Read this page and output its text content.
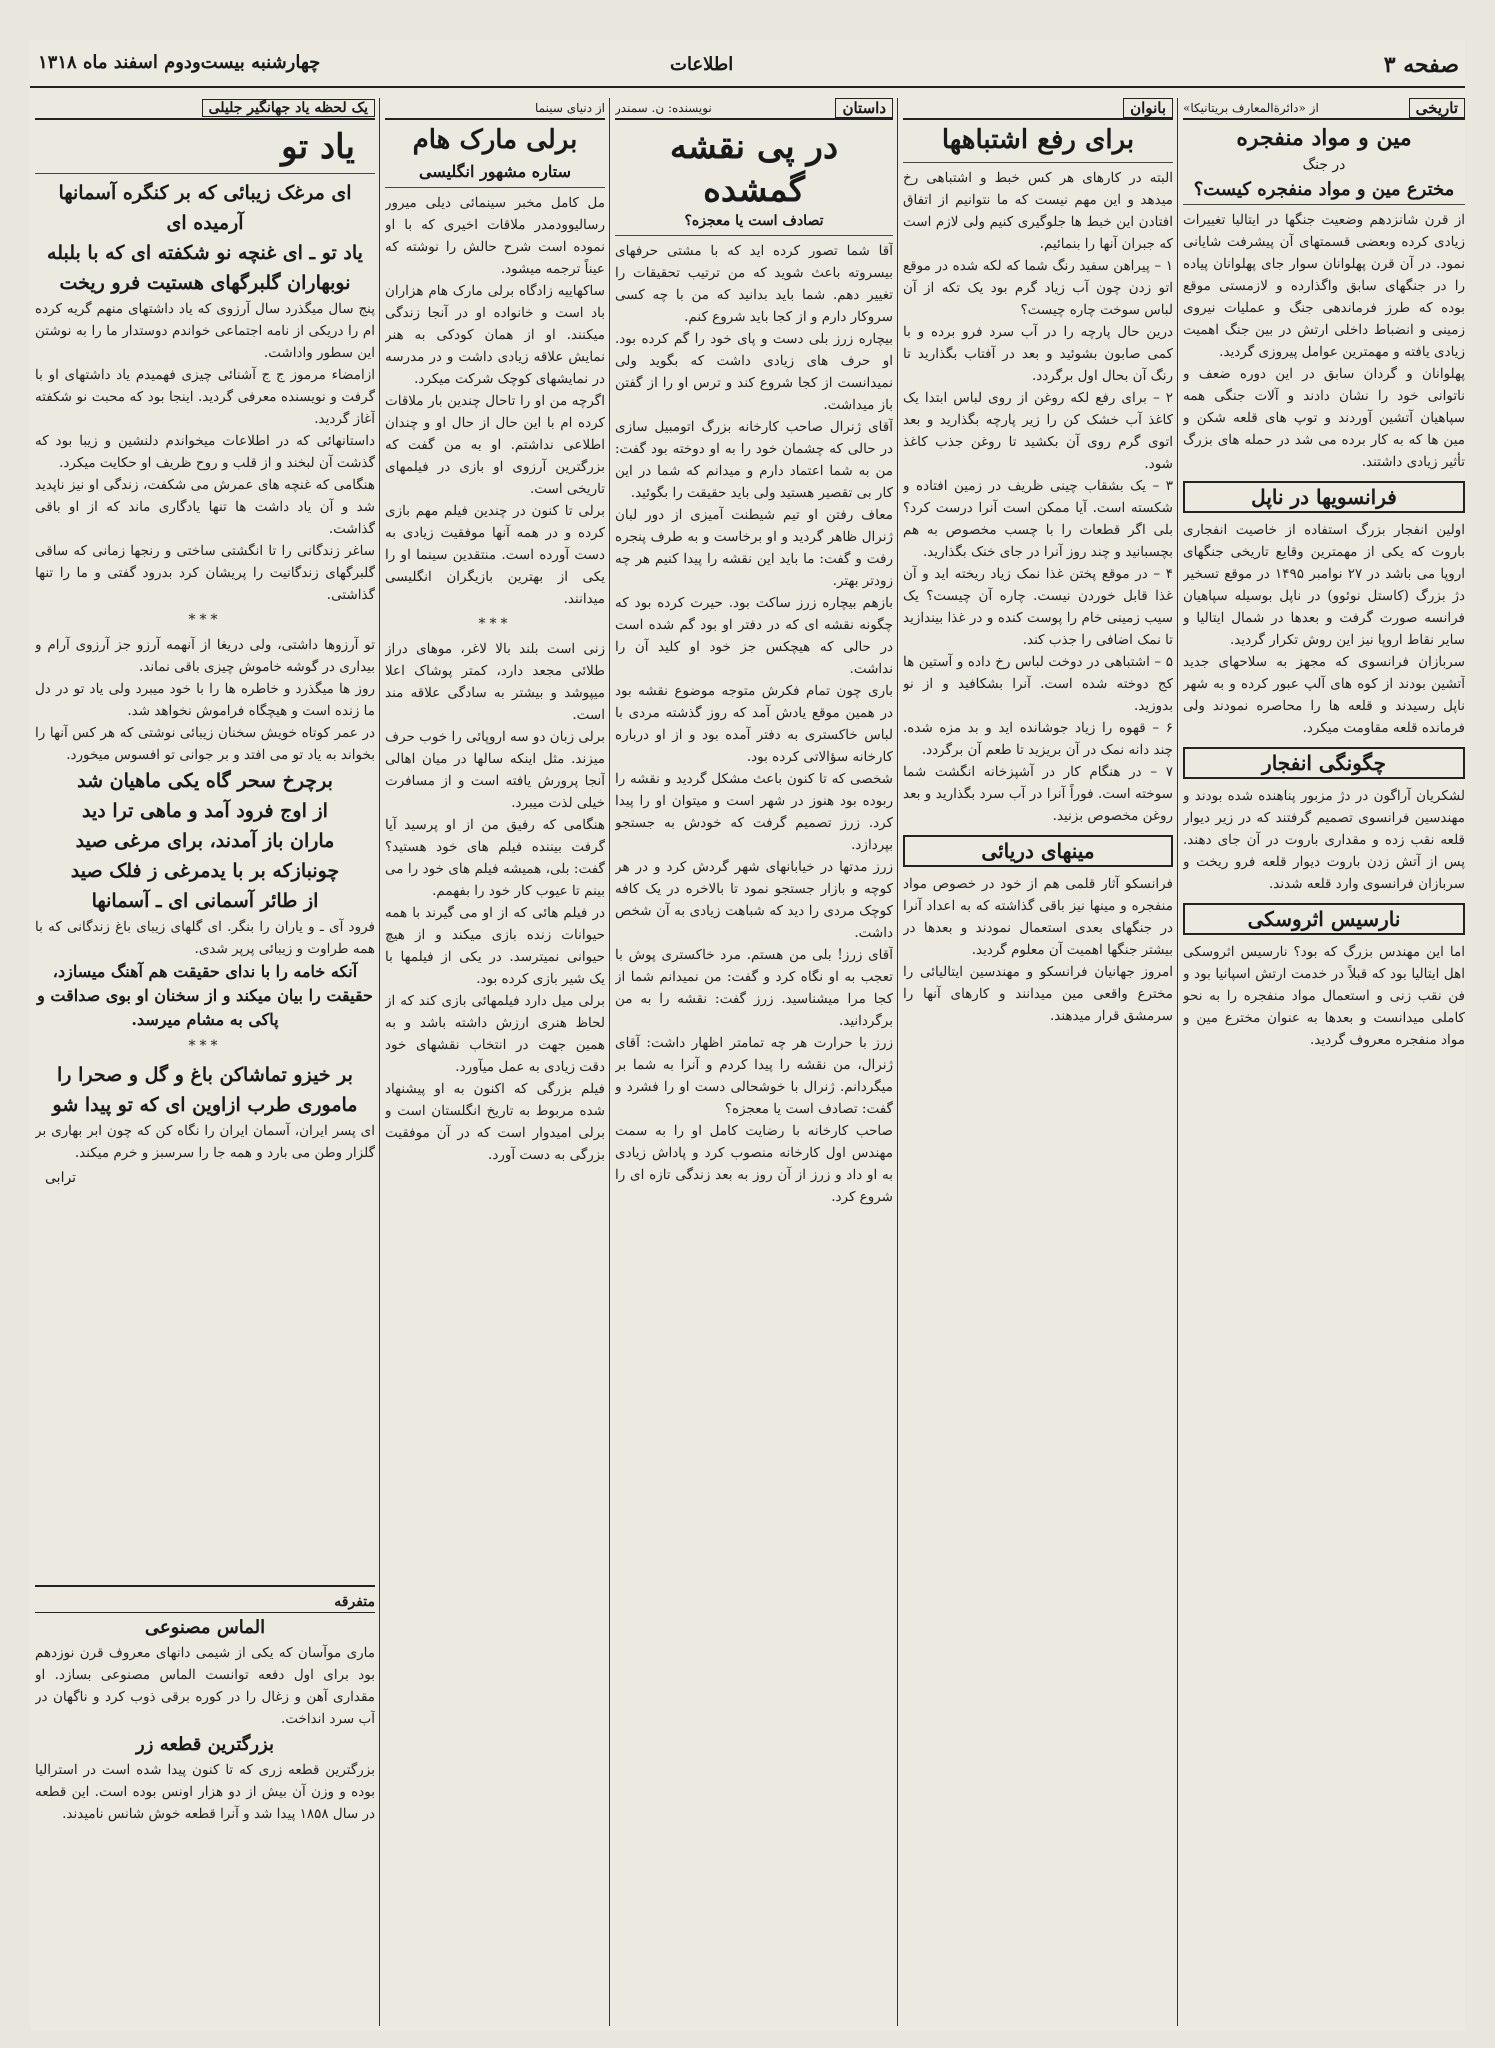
صفحه ۳
اطلاعات
چهارشنبه بیست‌ودوم اسفند ماه ۱۳۱۸
تاریخی
از «دائرةالمعارف بریتانیکا»
مین و مواد منفجره
در جنگ
مخترع مین و مواد منفجره کیست؟

از قرن شانزدهم وضعیت جنگها در ایتالیا تغییرات زیادی کرده وبعضی قسمتهای آن پیشرفت شایانی نمود. در آن قرن پهلوانان سوار جای پهلوانان پیاده را در جنگهای سابق واگذارده و لازمستی موقع بوده که طرز فرماندهی جنگ و عملیات نیروی زمینی و انضباط داخلی ارتش در بین جنگ اهمیت زیادی یافته و مهمترین عوامل پیروزی گردید.

پهلوانان و گردان سابق در این دوره ضعف و ناتوانی خود را نشان دادند و آلات جنگی همه سپاهیان آتشین آوردند و توپ های قلعه شکن و مین ها که به کار برده می شد در حمله های بزرگ تأثیر زیادی داشتند.

فرانسویها در ناپل

اولین انفجار بزرگ استفاده از خاصیت انفجاری باروت که یکی از مهمترین وقایع تاریخی جنگهای اروپا می باشد در ۲۷ نوامبر ۱۴۹۵ در موقع تسخیر دژ بزرگ (کاستل نوئوو) در ناپل بوسیله سپاهیان فرانسه صورت گرفت و بعدها در شمال ایتالیا و سایر نقاط اروپا نیز این روش تکرار گردید.

سربازان فرانسوی که مجهز به سلاحهای جدید آتشین بودند از کوه های آلپ عبور کرده و به شهر ناپل رسیدند و قلعه ها را محاصره نمودند ولی فرمانده قلعه مقاومت میکرد.

چگونگی انفجار

لشکریان آراگون در دژ مزبور پناهنده شده بودند و مهندسین فرانسوی تصمیم گرفتند که در زیر دیوار قلعه نقب زده و مقداری باروت در آن جای دهند. پس از آتش زدن باروت دیوار قلعه فرو ریخت و سربازان فرانسوی وارد قلعه شدند.

نارسیس اثروسکی

اما این مهندس بزرگ که بود؟ نارسیس اثروسکی اهل ایتالیا بود که قبلاً در خدمت ارتش اسپانیا بود و فن نقب زنی و استعمال مواد منفجره را به نحو کاملی میدانست و بعدها به عنوان مخترع مین و مواد منفجره معروف گردید.

بانوان
برای رفع اشتباهها

البته در کارهای هر کس خبط و اشتباهی رخ میدهد و این مهم نیست که ما نتوانیم از اتفاق افتادن این خبط ها جلوگیری کنیم ولی لازم است که جبران آنها را بنمائیم.

۱ – پیراهن سفید رنگ شما که لکه شده در موقع اتو زدن چون آب زیاد گرم بود یک تکه از آن لباس سوخت چاره چیست؟

درین حال پارچه را در آب سرد فرو برده و با کمی صابون بشوئید و بعد در آفتاب بگذارید تا رنگ آن بحال اول برگردد.

۲ – برای رفع لکه روغن از روی لباس ابتدا یک کاغذ آب خشک کن را زیر پارچه بگذارید و بعد اتوی گرم روی آن بکشید تا روغن جذب کاغذ شود.

۳ – یک بشقاب چینی ظریف در زمین افتاده و شکسته است. آیا ممکن است آنرا درست کرد؟ بلی اگر قطعات را با چسب مخصوص به هم بچسبانید و چند روز آنرا در جای خنک بگذارید.

۴ – در موقع پختن غذا نمک زیاد ریخته اید و آن غذا قابل خوردن نیست. چاره آن چیست؟ یک سیب زمینی خام را پوست کنده و در غذا بیندازید تا نمک اضافی را جذب کند.

۵ – اشتباهی در دوخت لباس رخ داده و آستین ها کج دوخته شده است. آنرا بشکافید و از نو بدوزید.

۶ – قهوه را زیاد جوشانده اید و بد مزه شده. چند دانه نمک در آن بریزید تا طعم آن برگردد.

۷ – در هنگام کار در آشپزخانه انگشت شما سوخته است. فوراً آنرا در آب سرد بگذارید و بعد روغن مخصوص بزنید.

مینهای دریائی

فرانسکو آثار قلمی هم از خود در خصوص مواد منفجره و مینها نیز باقی گذاشته که به اعداد آنرا در جنگهای بعدی استعمال نمودند و بعدها در بیشتر جنگها اهمیت آن معلوم گردید.

امروز جهانیان فرانسکو و مهندسین ایتالیائی را مخترع واقعی مین میدانند و کارهای آنها را سرمشق قرار میدهند.

داستان
نویسنده: ن. سمندر
در پی نقشه گمشده
تصادف است یا معجزه؟

آقا شما تصور کرده اید که با مشتی حرفهای بیسروته باعث شوید که من ترتیب تحقیقات را تغییر دهم. شما باید بدانید که من با چه کسی سروکار دارم و از کجا باید شروع کنم.

بیچاره زرز بلی دست و پای خود را گم کرده بود. او حرف های زیادی داشت که بگوید ولی نمیدانست از کجا شروع کند و ترس او را از گفتن باز میداشت.

آقای ژنرال صاحب کارخانه بزرگ اتومبیل سازی در حالی که چشمان خود را به او دوخته بود گفت: من به شما اعتماد دارم و میدانم که شما در این کار بی تقصیر هستید ولی باید حقیقت را بگوئید.

معاف رفتن او تیم شیطنت آمیزی از دور لبان ژنرال ظاهر گردید و او برخاست و به طرف پنجره رفت و گفت: ما باید این نقشه را پیدا کنیم هر چه زودتر بهتر.

بازهم بیچاره زرز ساکت بود. حیرت کرده بود که چگونه نقشه ای که در دفتر او بود گم شده است در حالی که هیچکس جز خود او کلید آن را نداشت.

باری چون تمام فکرش متوجه موضوع نقشه بود در همین موقع یادش آمد که روز گذشته مردی با لباس خاکستری به دفتر آمده بود و از او درباره کارخانه سؤالاتی کرده بود.

شخصی که تا کنون باعث مشکل گردید و نقشه را ربوده بود هنوز در شهر است و میتوان او را پیدا کرد. زرز تصمیم گرفت که خودش به جستجو بپردازد.

زرز مدتها در خیابانهای شهر گردش کرد و در هر کوچه و بازار جستجو نمود تا بالاخره در یک کافه کوچک مردی را دید که شباهت زیادی به آن شخص داشت.

آقای زرز! بلی من هستم. مرد خاکستری پوش با تعجب به او نگاه کرد و گفت: من نمیدانم شما از کجا مرا میشناسید. زرز گفت: نقشه را به من برگردانید.

زرز با حرارت هر چه تمامتر اظهار داشت: آقای ژنرال، من نقشه را پیدا کردم و آنرا به شما بر میگردانم. ژنرال با خوشحالی دست او را فشرد و گفت: تصادف است یا معجزه؟

صاحب کارخانه با رضایت کامل او را به سمت مهندس اول کارخانه منصوب کرد و پاداش زیادی به او داد و زرز از آن روز به بعد زندگی تازه ای را شروع کرد.

از دنیای سینما
برلی مارک هام
ستاره مشهور انگلیسی

مل کامل مخبر سینمائی دیلی میرور رسالیوودمدر ملاقات اخیری که با او نموده است شرح حالش را نوشته که عیناً ترجمه میشود.

ساکهاییه زادگاه برلی مارک هام هزاران باد است و خانواده او در آنجا زندگی میکنند. او از همان کودکی به هنر نمایش علاقه زیادی داشت و در مدرسه در نمایشهای کوچک شرکت میکرد.

اگرچه من او را تاحال چندین بار ملاقات کرده ام با این حال از حال او و چندان اطلاعی نداشتم. او به من گفت که بزرگترین آرزوی او بازی در فیلمهای تاریخی است.

برلی تا کنون در چندین فیلم مهم بازی کرده و در همه آنها موفقیت زیادی به دست آورده است. منتقدین سینما او را یکی از بهترین بازیگران انگلیسی میدانند.

***

زنی است بلند بالا لاغر، موهای دراز طلائی مجعد دارد، کمتر پوشاک اعلا میپوشد و بیشتر به سادگی علاقه مند است.

برلی زبان دو سه اروپائی را خوب حرف میزند. مثل اینکه سالها در میان اهالی آنجا پرورش یافته است و از مسافرت خیلی لذت میبرد.

هنگامی که رفیق من از او پرسید آیا گرفت بیننده فیلم های خود هستید؟ گفت: بلی، همیشه فیلم های خود را می بینم تا عیوب کار خود را بفهمم.

در فیلم هائی که از او می گیرند با همه حیوانات زنده بازی میکند و از هیچ حیوانی نمیترسد. در یکی از فیلمها با یک شیر بازی کرده بود.

برلی میل دارد فیلمهائی بازی کند که از لحاظ هنری ارزش داشته باشد و به همین جهت در انتخاب نقشهای خود دقت زیادی به عمل میآورد.

فیلم بزرگی که اکنون به او پیشنهاد شده مربوط به تاریخ انگلستان است و برلی امیدوار است که در آن موفقیت بزرگی به دست آورد.

یک لحظه یاد جهانگیر جلیلی
یاد تو
ای مرغک زیبائی که بر کنگره آسمانها
آرمیده ای
یاد تو ـ ای غنچه نو شکفته ای که با بلبله
نوبهاران گلبرگهای هستیت فرو ریخت

پنج سال میگذرد سال آرزوی که یاد داشتهای منهم گریه کرده ام را دریکی از نامه اجتماعی خواندم دوستدار ما را به نوشتن این سطور واداشت.

ازامضاء مرموز ج ج آشنائی چیزی فهمیدم یاد داشتهای او با گرفت و نویسنده معرفی گردید. اینجا بود که محبت نو شکفته آغاز گردید.

داستانهائی که در اطلاعات میخواندم دلنشین و زیبا بود که گذشت آن لبخند و از قلب و روح ظریف او حکایت میکرد.

هنگامی که غنچه های عمرش می شکفت، زندگی او نیز ناپدید شد و آن یاد داشت ها تنها یادگاری ماند که از او باقی گذاشت.

ساغر زندگانی را تا انگشتی ساختی و رنجها زمانی که ساقی گلبرگهای زندگانیت را پریشان کرد بدرود گفتی و ما را تنها گذاشتی.

***

تو آرزوها داشتی، ولی دریغا از آنهمه آرزو جز آرزوی آرام و بیداری در گوشه خاموش چیزی باقی نماند.

روز ها میگذرد و خاطره ها را با خود میبرد ولی یاد تو در دل ما زنده است و هیچگاه فراموش نخواهد شد.

در عمر کوتاه خویش سخنان زیبائی نوشتی که هر کس آنها را بخواند به یاد تو می افتد و بر جوانی تو افسوس میخورد.

برچرخ سحر گاه یکی ماهیان شد
از اوج فرود آمد و ماهی ترا دید
ماران باز آمدند، برای مرغی صید
چونبازکه بر با یدمرغی ز فلک صید
از طائر آسمانی ای ـ آسمانها

فرود آی ـ و یاران را بنگر. ای گلهای زیبای باغ زندگانی که با همه طراوت و زیبائی پرپر شدی.

آنکه خامه را با ندای حقیقت هم آهنگ میسازد، حقیقت را بیان میکند و از سخنان او بوی صداقت و پاکی به مشام میرسد.
***
بر خیزو تماشاکن باغ و گل و صحرا را
ماموری طرب ازاوین ای که تو پیدا شو

ای پسر ایران، آسمان ایران را نگاه کن که چون ابر بهاری بر گلزار وطن می بارد و همه جا را سرسبز و خرم میکند.

ترابی
متفرقه
الماس مصنوعی

ماری موآسان که یکی از شیمی دانهای معروف قرن نوزدهم بود برای اول دفعه توانست الماس مصنوعی بسازد. او مقداری آهن و زغال را در کوره برقی ذوب کرد و ناگهان در آب سرد انداخت.

بزرگترین قطعه زر

بزرگترین قطعه زری که تا کنون پیدا شده است در استرالیا بوده و وزن آن بیش از دو هزار اونس بوده است. این قطعه در سال ۱۸۵۸ پیدا شد و آنرا قطعه خوش شانس نامیدند.
